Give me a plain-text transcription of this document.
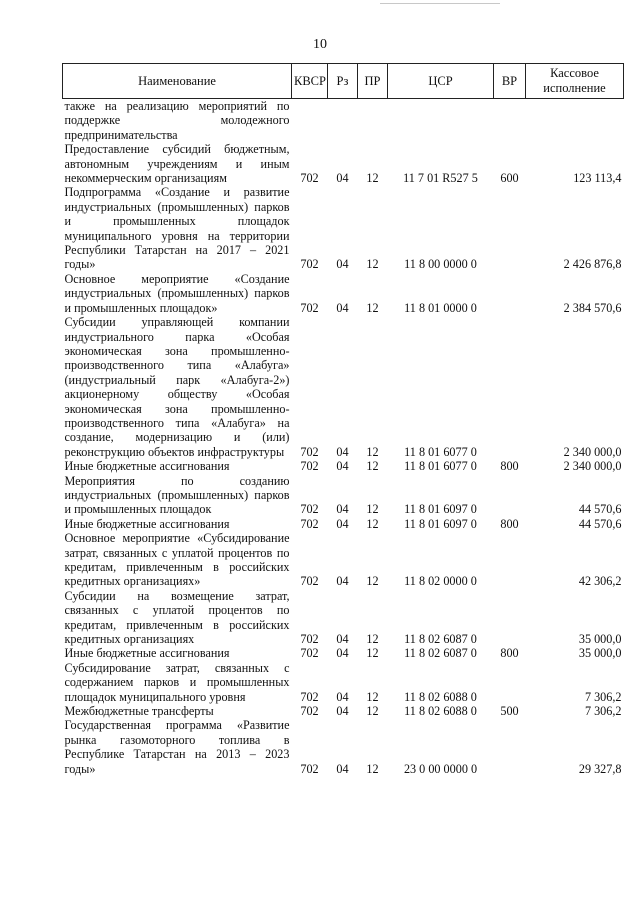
10
Наименование	КВСР	Рз	ПР	ЦСР	ВР	Кассовое исполнение
также на реализацию мероприятий по поддержке молодежного предпринимательства						
Предоставление субсидий бюджетным, автономным учреждениям и иным некоммерческим организациям	702	04	12	11 7 01 R527 5	600	123 113,4
Подпрограмма «Создание и развитие индустриальных (промышленных) парков и промышленных площадок муниципального уровня на территории Республики Татарстан на 2017 – 2021 годы»	702	04	12	11 8 00 0000 0		2 426 876,8
Основное мероприятие «Создание индустриальных (промышленных) парков и промышленных площадок»	702	04	12	11 8 01 0000 0		2 384 570,6
Субсидии управляющей компании индустриального парка «Особая экономическая зона промышленно-производственного типа «Алабуга» (индустриальный парк «Алабуга-2») акционерному обществу «Особая экономическая зона промышленно-производственного типа «Алабуга» на создание, модернизацию и (или) реконструкцию объектов инфраструктуры	702	04	12	11 8 01 6077 0		2 340 000,0
Иные бюджетные ассигнования	702	04	12	11 8 01 6077 0	800	2 340 000,0
Мероприятия по созданию индустриальных (промышленных) парков и промышленных площадок	702	04	12	11 8 01 6097 0		44 570,6
Иные бюджетные ассигнования	702	04	12	11 8 01 6097 0	800	44 570,6
Основное мероприятие «Субсидирование затрат, связанных с уплатой процентов по кредитам, привлеченным в российских кредитных организациях»	702	04	12	11 8 02 0000 0		42 306,2
Субсидии на возмещение затрат, связанных с уплатой процентов по кредитам, привлеченным в российских кредитных организациях	702	04	12	11 8 02 6087 0		35 000,0
Иные бюджетные ассигнования	702	04	12	11 8 02 6087 0	800	35 000,0
Субсидирование затрат, связанных с содержанием парков и промышленных площадок муниципального уровня	702	04	12	11 8 02 6088 0		7 306,2
Межбюджетные трансферты	702	04	12	11 8 02 6088 0	500	7 306,2
Государственная программа «Развитие рынка газомоторного топлива в Республике Татарстан на 2013 – 2023 годы»	702	04	12	23 0 00 0000 0		29 327,8
